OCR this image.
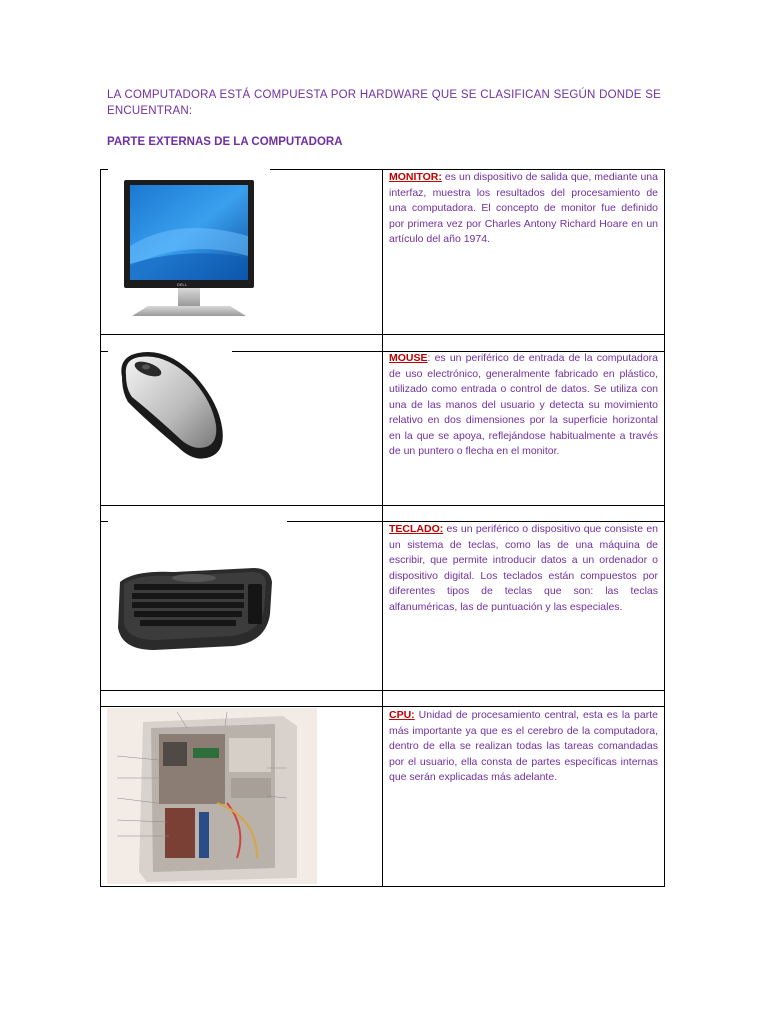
LA COMPUTADORA ESTÁ COMPUESTA POR HARDWARE QUE SE CLASIFICAN SEGÚN DONDE SE ENCUENTRAN:

PARTE EXTERNAS DE LA COMPUTADORA

DELL

MONITOR: es un dispositivo de salida que, mediante una interfaz, muestra los resultados del procesamiento de una computadora. El concepto de monitor fue definido por primera vez por Charles Antony Richard Hoare en un artículo del año 1974.

MOUSE: es un periférico de entrada de la computadora de uso electrónico, generalmente fabricado en plástico, utilizado como entrada o control de datos. Se utiliza con una de las manos del usuario y detecta su movimiento relativo en dos dimensiones por la superficie horizontal en la que se apoya, reflejándose habitualmente a través de un puntero o flecha en el monitor.

TECLADO: es un periférico o dispositivo que consiste en un sistema de teclas, como las de una máquina de escribir, que permite introducir datos a un ordenador o dispositivo digital. Los teclados están compuestos por diferentes tipos de teclas que son: las teclas alfanuméricas, las de puntuación y las especiales.

CPU: Unidad de procesamiento central, esta es la parte más importante ya que es el cerebro de la computadora, dentro de ella se realizan todas las tareas comandadas por el usuario, ella consta de partes específicas internas que serán explicadas más adelante.
